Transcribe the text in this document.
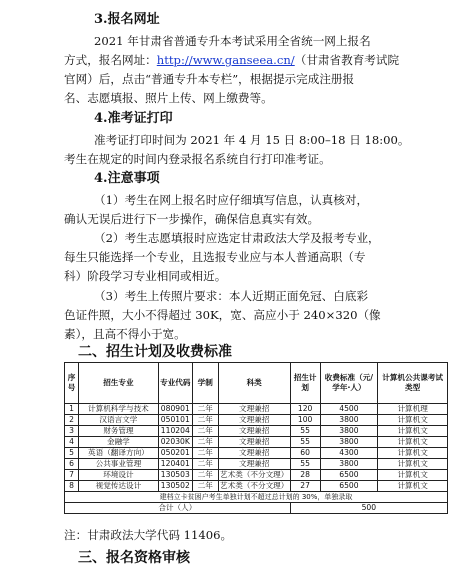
3.报名网址
2021 年甘肃省普通专升本考试采用全省统一网上报名
方式，报名网址：http://www.ganseea.cn/（甘肃省教育考试院
官网）后，点击“普通专升本专栏”，根据提示完成注册报
名、志愿填报、照片上传、网上缴费等。
4.准考证打印
准考证打印时间为 2021 年 4 月 15 日 8:00–18 日 18:00。
考生在规定的时间内登录报名系统自行打印准考证。
4.注意事项
（1）考生在网上报名时应仔细填写信息，认真核对，
确认无误后进行下一步操作，确保信息真实有效。
（2）考生志愿填报时应选定甘肃政法大学及报考专业，
每生只能选择一个专业，且选报专业应与本人普通高职（专
科）阶段学习专业相同或相近。
（3）考生上传照片要求：本人近期正面免冠、白底彩
色证件照，大小不得超过 30K，宽、高应小于 240×320（像
素），且高不得小于宽。
二、招生计划及收费标准
序号	招生专业	专业代码	学制	科类	招生计划	收费标准（元/学年·人）	计算机公共课考试类型
1	计算机科学与技术	080901	二年	文理兼招	120	4500	计算机理
2	汉语言文学	050101	二年	文理兼招	100	3800	计算机文
3	财务管理	110204	二年	文理兼招	55	3800	计算机文
4	金融学	02030K	二年	文理兼招	55	3800	计算机文
5	英语（翻译方向）	050201	二年	文理兼招	60	4300	计算机文
6	公共事业管理	120401	二年	文理兼招	55	3800	计算机文
7	环境设计	130503	二年	艺术类（不分文理）	28	6500	计算机文
8	视觉传达设计	130502	二年	艺术类（不分文理）	27	6500	计算机文
建档立卡贫困户考生单独计划不超过总计划的 30%，单独录取							
合计（人）					500		
注：甘肃政法大学代码 11406。
三、报名资格审核
